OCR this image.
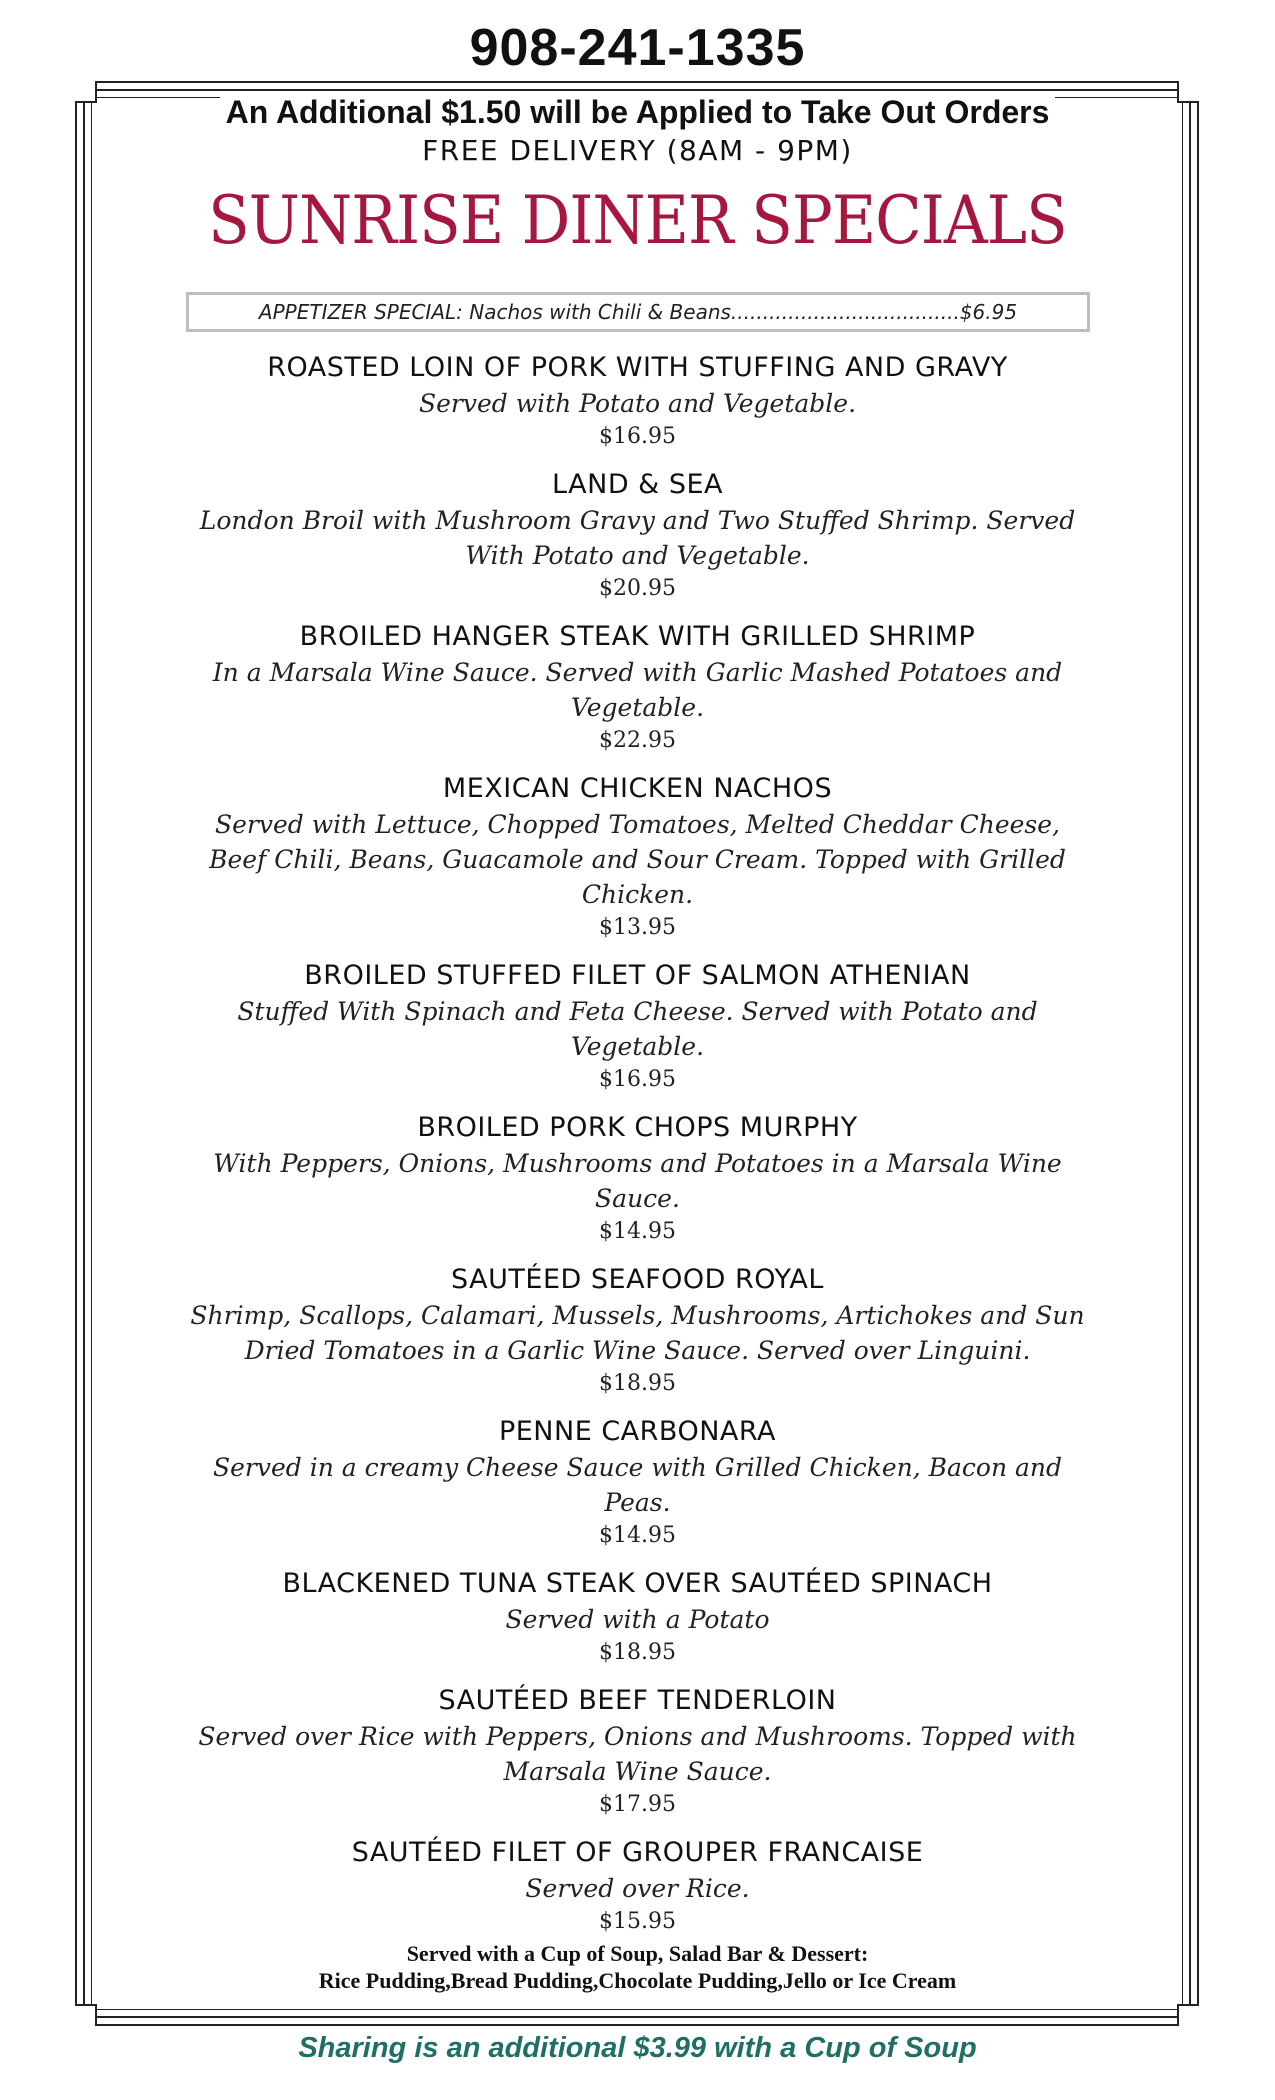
908-241-1335
An Additional $1.50 will be Applied to Take Out Orders
FREE DELIVERY (8AM - 9PM)
SUNRISE DINER SPECIALS
APPETIZER SPECIAL: Nachos with Chili & Beans....................................$6.95
ROASTED LOIN OF PORK WITH STUFFING AND GRAVY
Served with Potato and Vegetable.
$16.95
LAND & SEA
London Broil with Mushroom Gravy and Two Stuffed Shrimp. Served With Potato and Vegetable.
$20.95
BROILED HANGER STEAK WITH GRILLED SHRIMP
In a Marsala Wine Sauce. Served with Garlic Mashed Potatoes and Vegetable.
$22.95
MEXICAN CHICKEN NACHOS
Served with Lettuce, Chopped Tomatoes, Melted Cheddar Cheese, Beef Chili, Beans, Guacamole and Sour Cream. Topped with Grilled Chicken.
$13.95
BROILED STUFFED FILET OF SALMON ATHENIAN
Stuffed With Spinach and Feta Cheese. Served with Potato and Vegetable.
$16.95
BROILED PORK CHOPS MURPHY
With Peppers, Onions, Mushrooms and Potatoes in a Marsala Wine Sauce.
$14.95
SAUTÉED SEAFOOD ROYAL
Shrimp, Scallops, Calamari, Mussels, Mushrooms, Artichokes and Sun Dried Tomatoes in a Garlic Wine Sauce. Served over Linguini.
$18.95
PENNE CARBONARA
Served in a creamy Cheese Sauce with Grilled Chicken, Bacon and Peas.
$14.95
BLACKENED TUNA STEAK OVER SAUTÉED SPINACH
Served with a Potato
$18.95
SAUTÉED BEEF TENDERLOIN
Served over Rice with Peppers, Onions and Mushrooms. Topped with Marsala Wine Sauce.
$17.95
SAUTÉED FILET OF GROUPER FRANCAISE
Served over Rice.
$15.95
Served with a Cup of Soup, Salad Bar & Dessert:
Rice Pudding,Bread Pudding,Chocolate Pudding,Jello or Ice Cream
Sharing is an additional $3.99 with a Cup of Soup
